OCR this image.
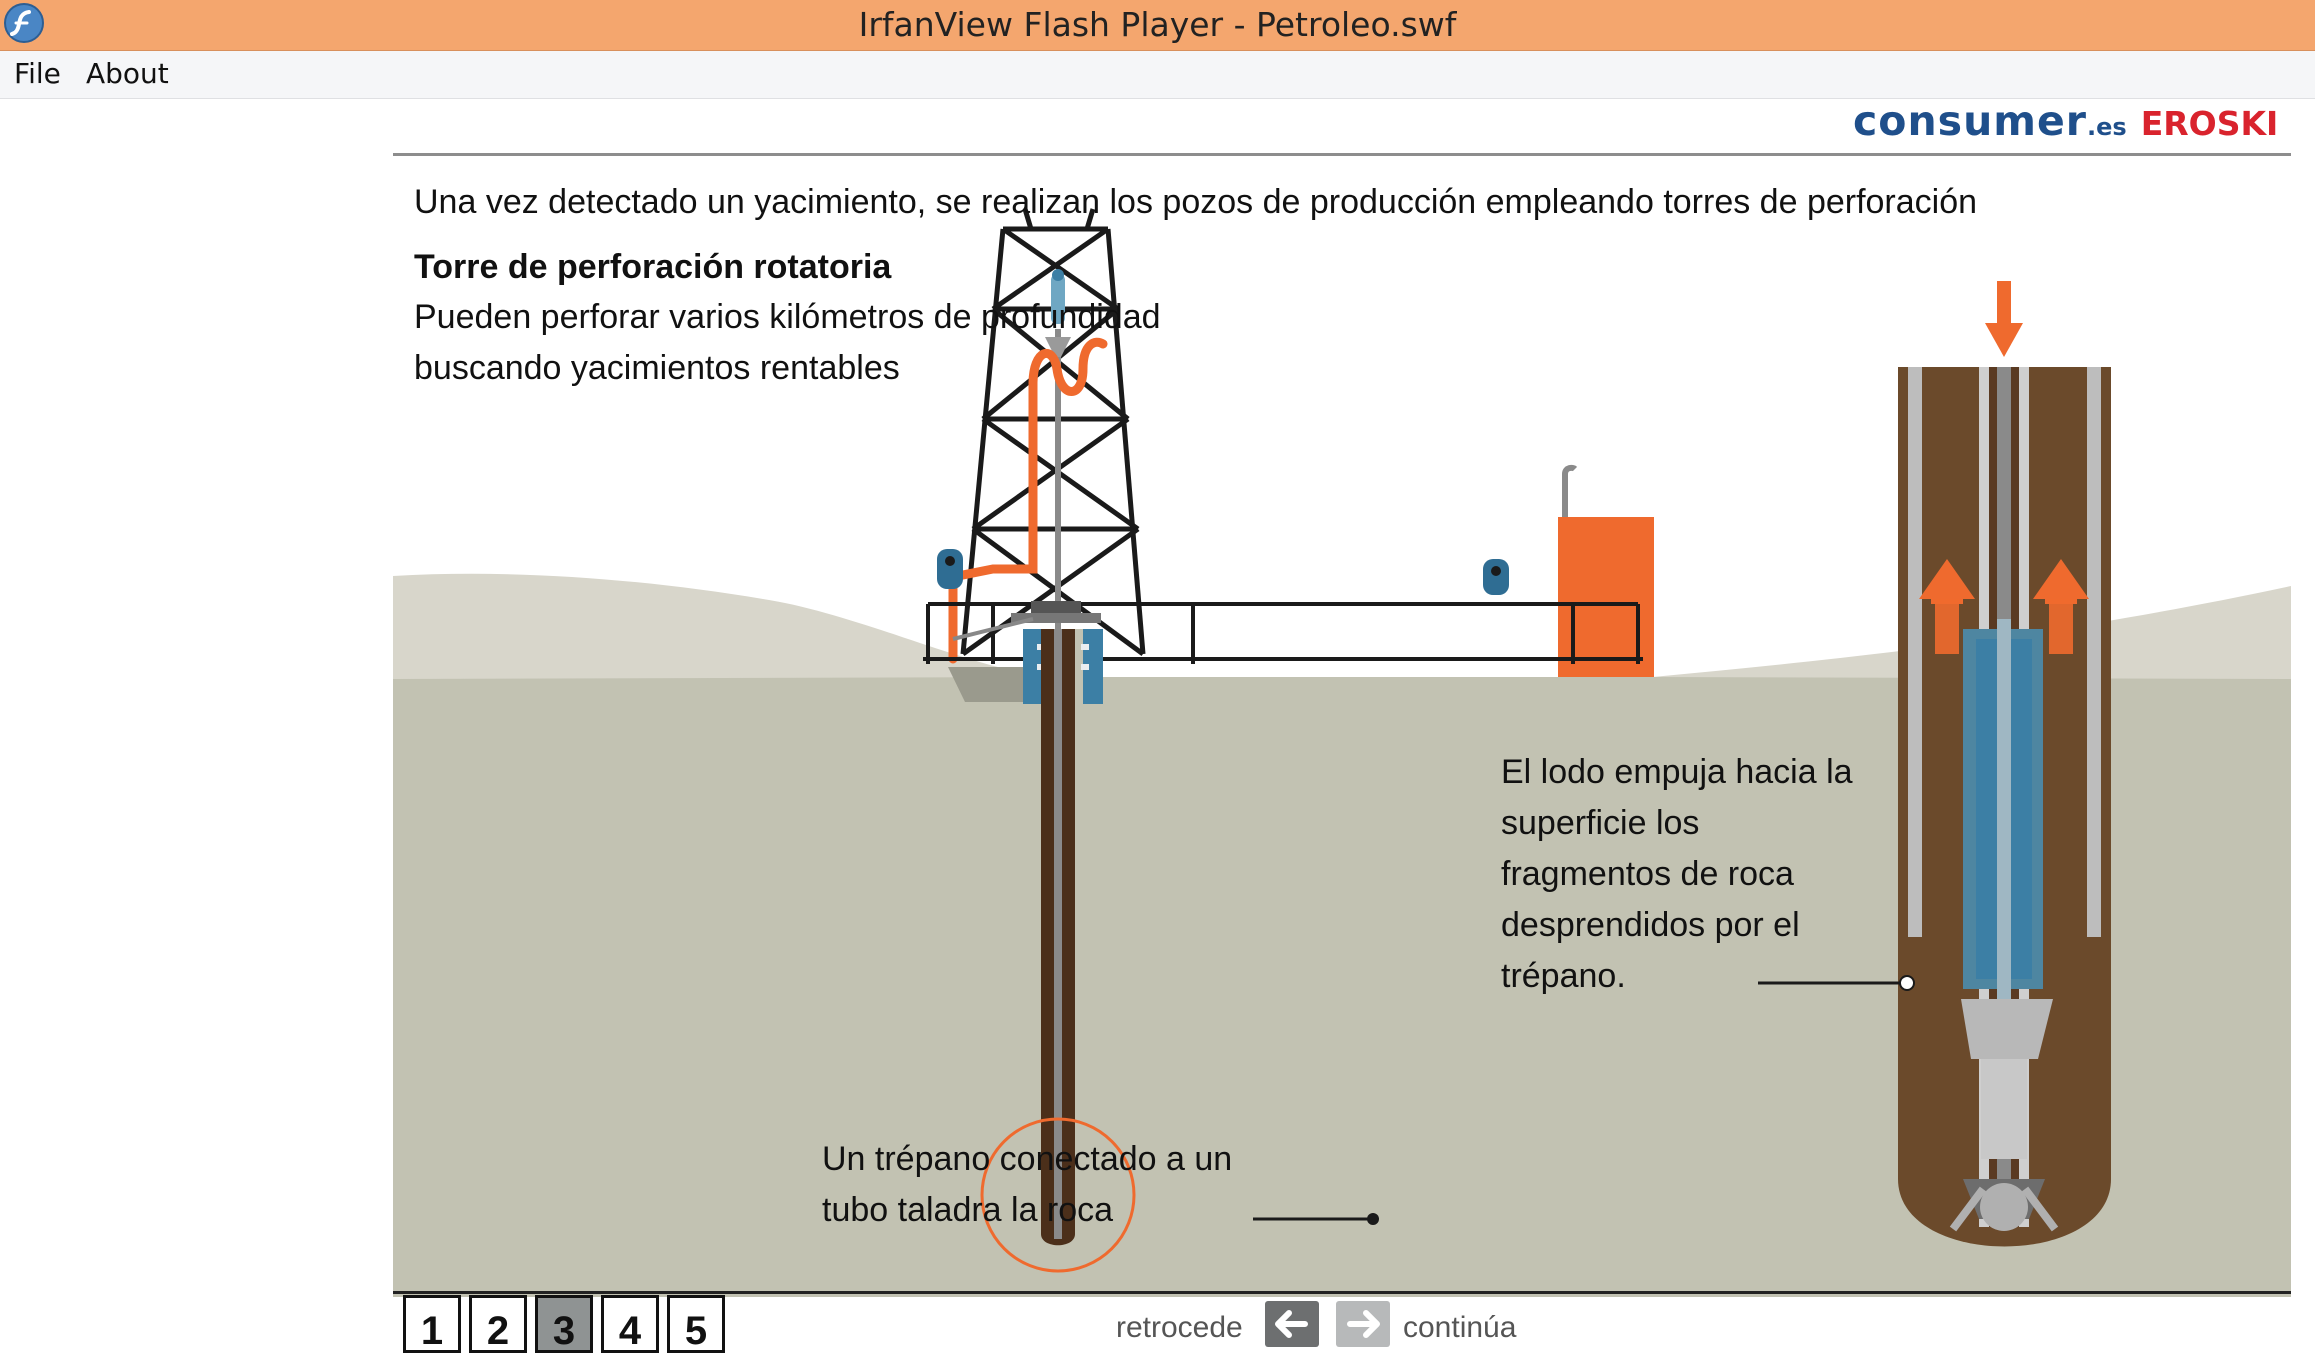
IrfanView Flash Player - Petroleo.swf
File About
consumer.es EROSKI

Una vez detectado un yacimiento, se realizan los pozos de producción empleando torres de perforación

Torre de perforación rotatoria

Pueden perforar varios kilómetros de profundidad buscando yacimientos rentables

El lodo empuja hacia la superficie los fragmentos de roca desprendidos por el trépano.

Un trépano conectado a un tubo taladra la roca

1	2	3	4	5	retrocede	continúa
